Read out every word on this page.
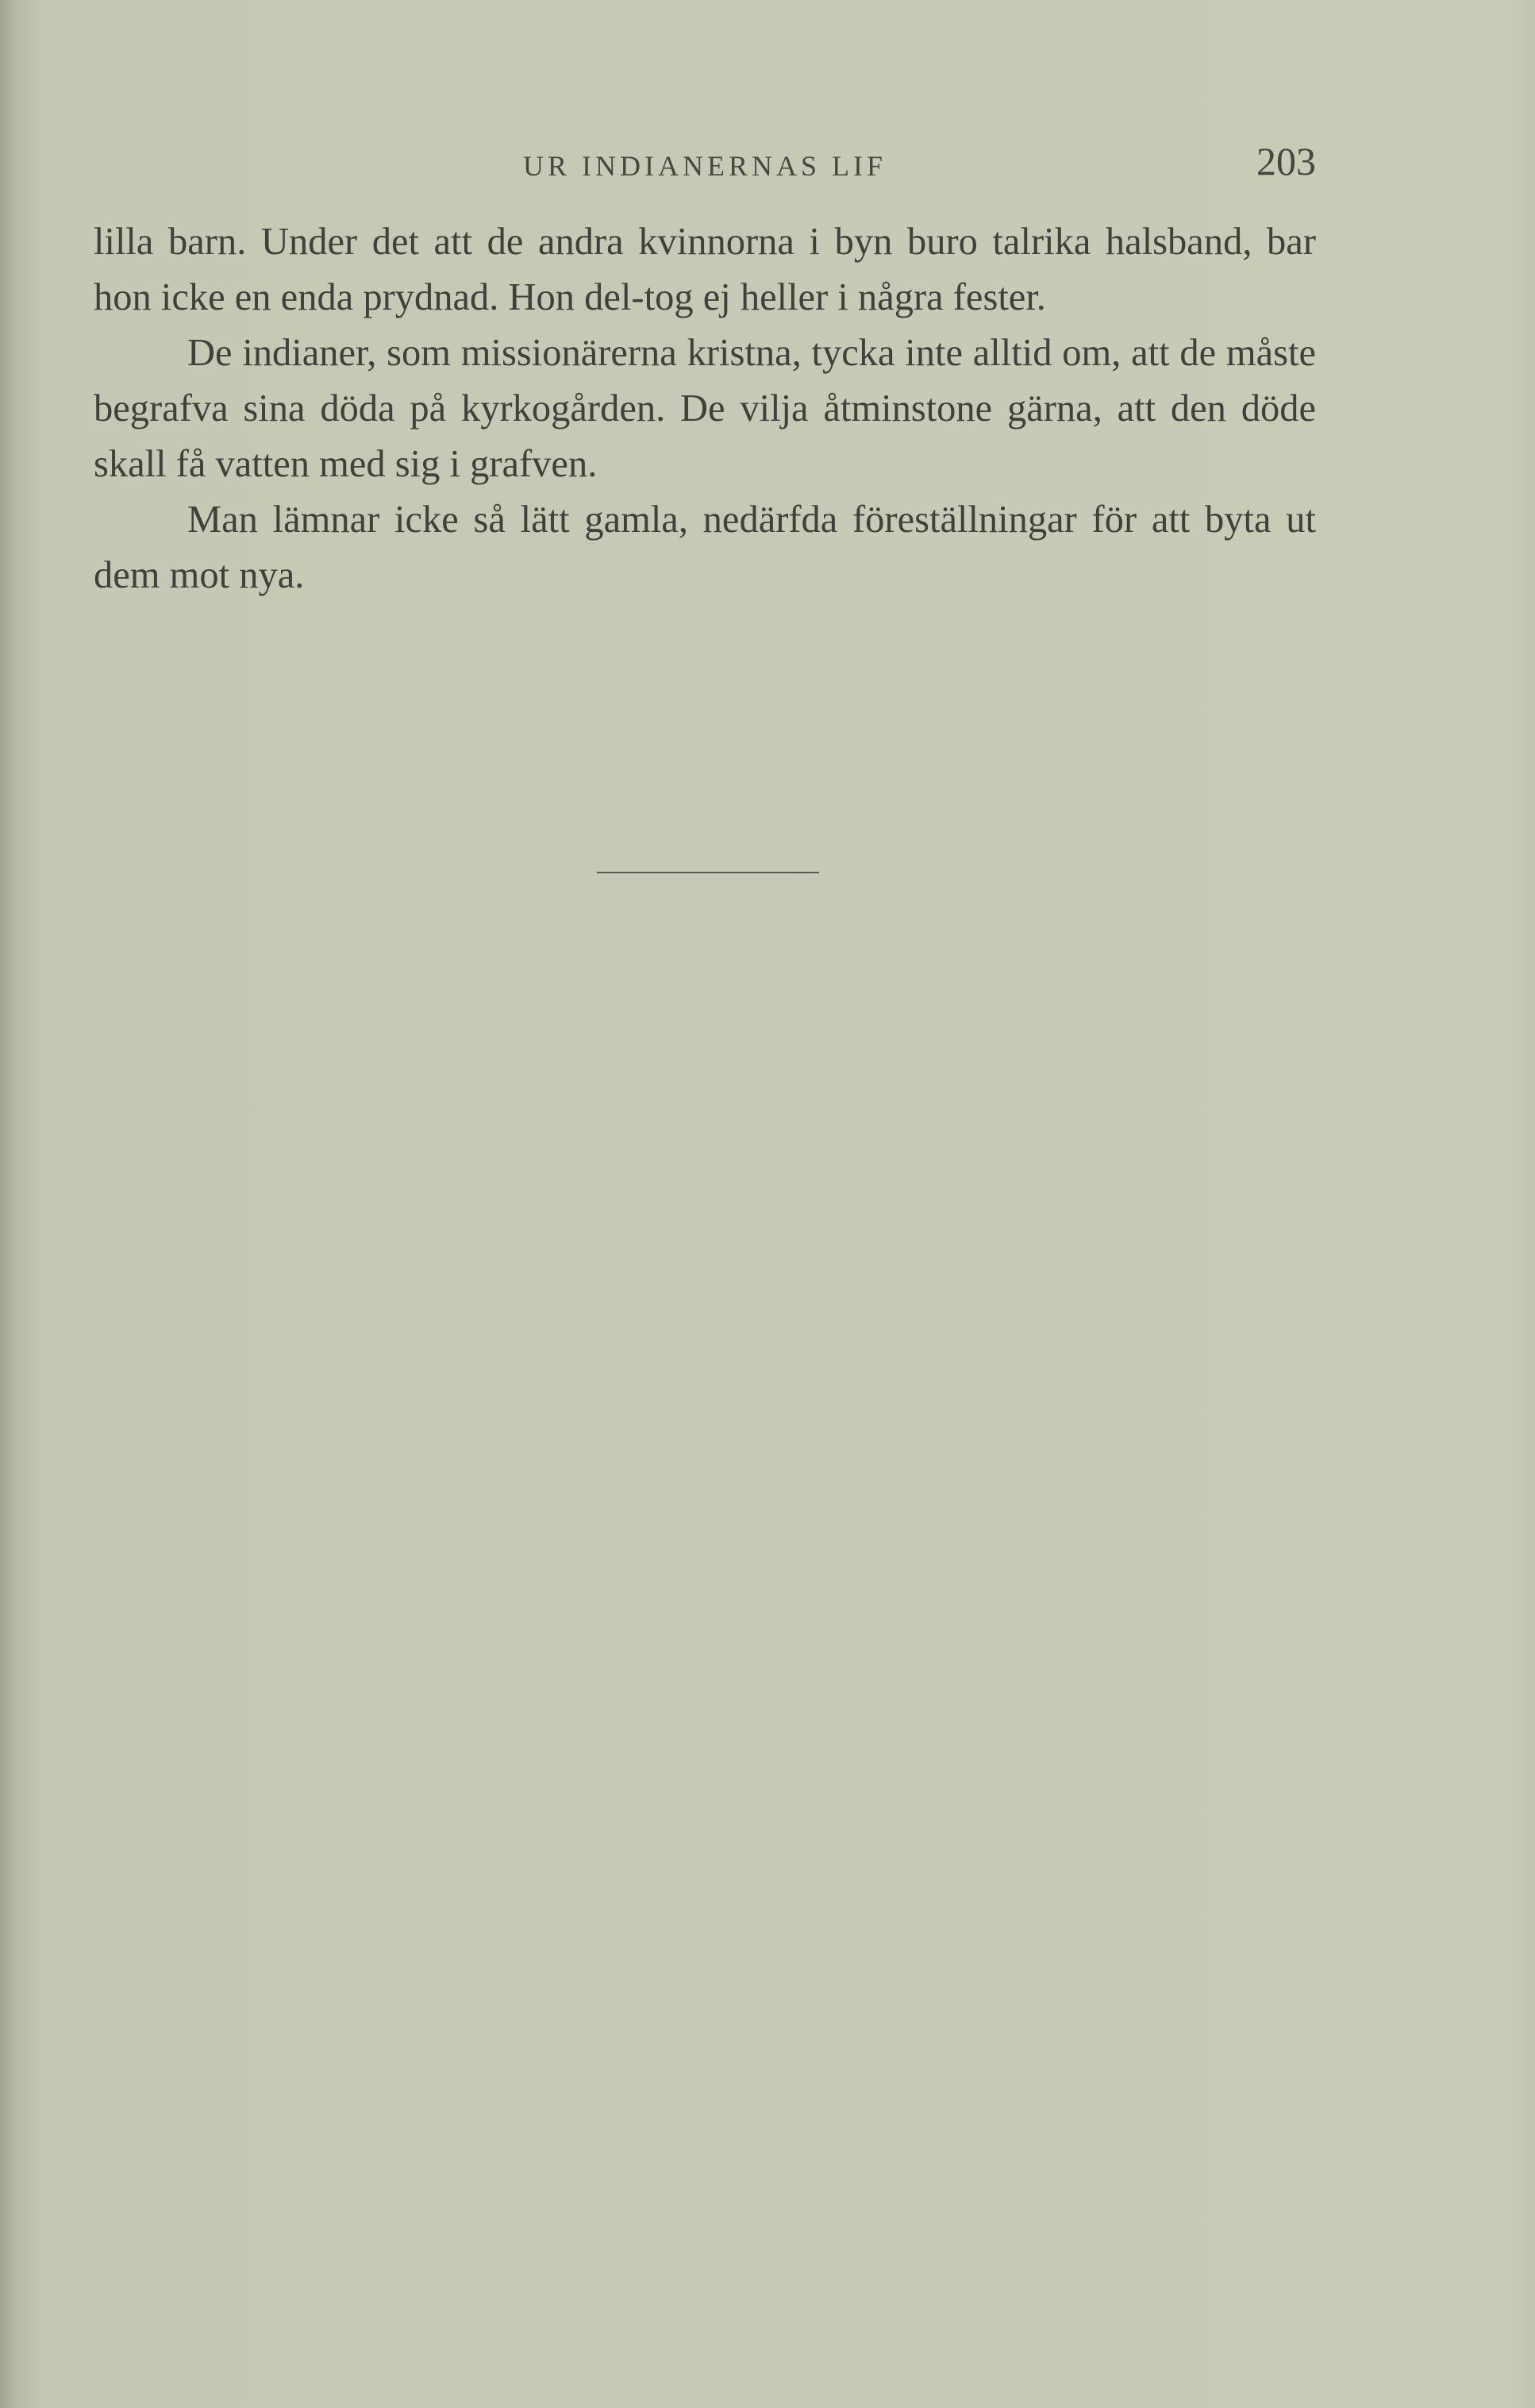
UR INDIANERNAS LIF	203

lilla barn. Under det att de andra kvinnorna i byn buro talrika halsband, bar hon icke en enda prydnad. Hon del-tog ej heller i några fester.

De indianer, som missionärerna kristna, tycka inte alltid om, att de måste begrafva sina döda på kyrkogården. De vilja åtminstone gärna, att den döde skall få vatten med sig i grafven.

Man lämnar icke så lätt gamla, nedärfda föreställningar för att byta ut dem mot nya.
